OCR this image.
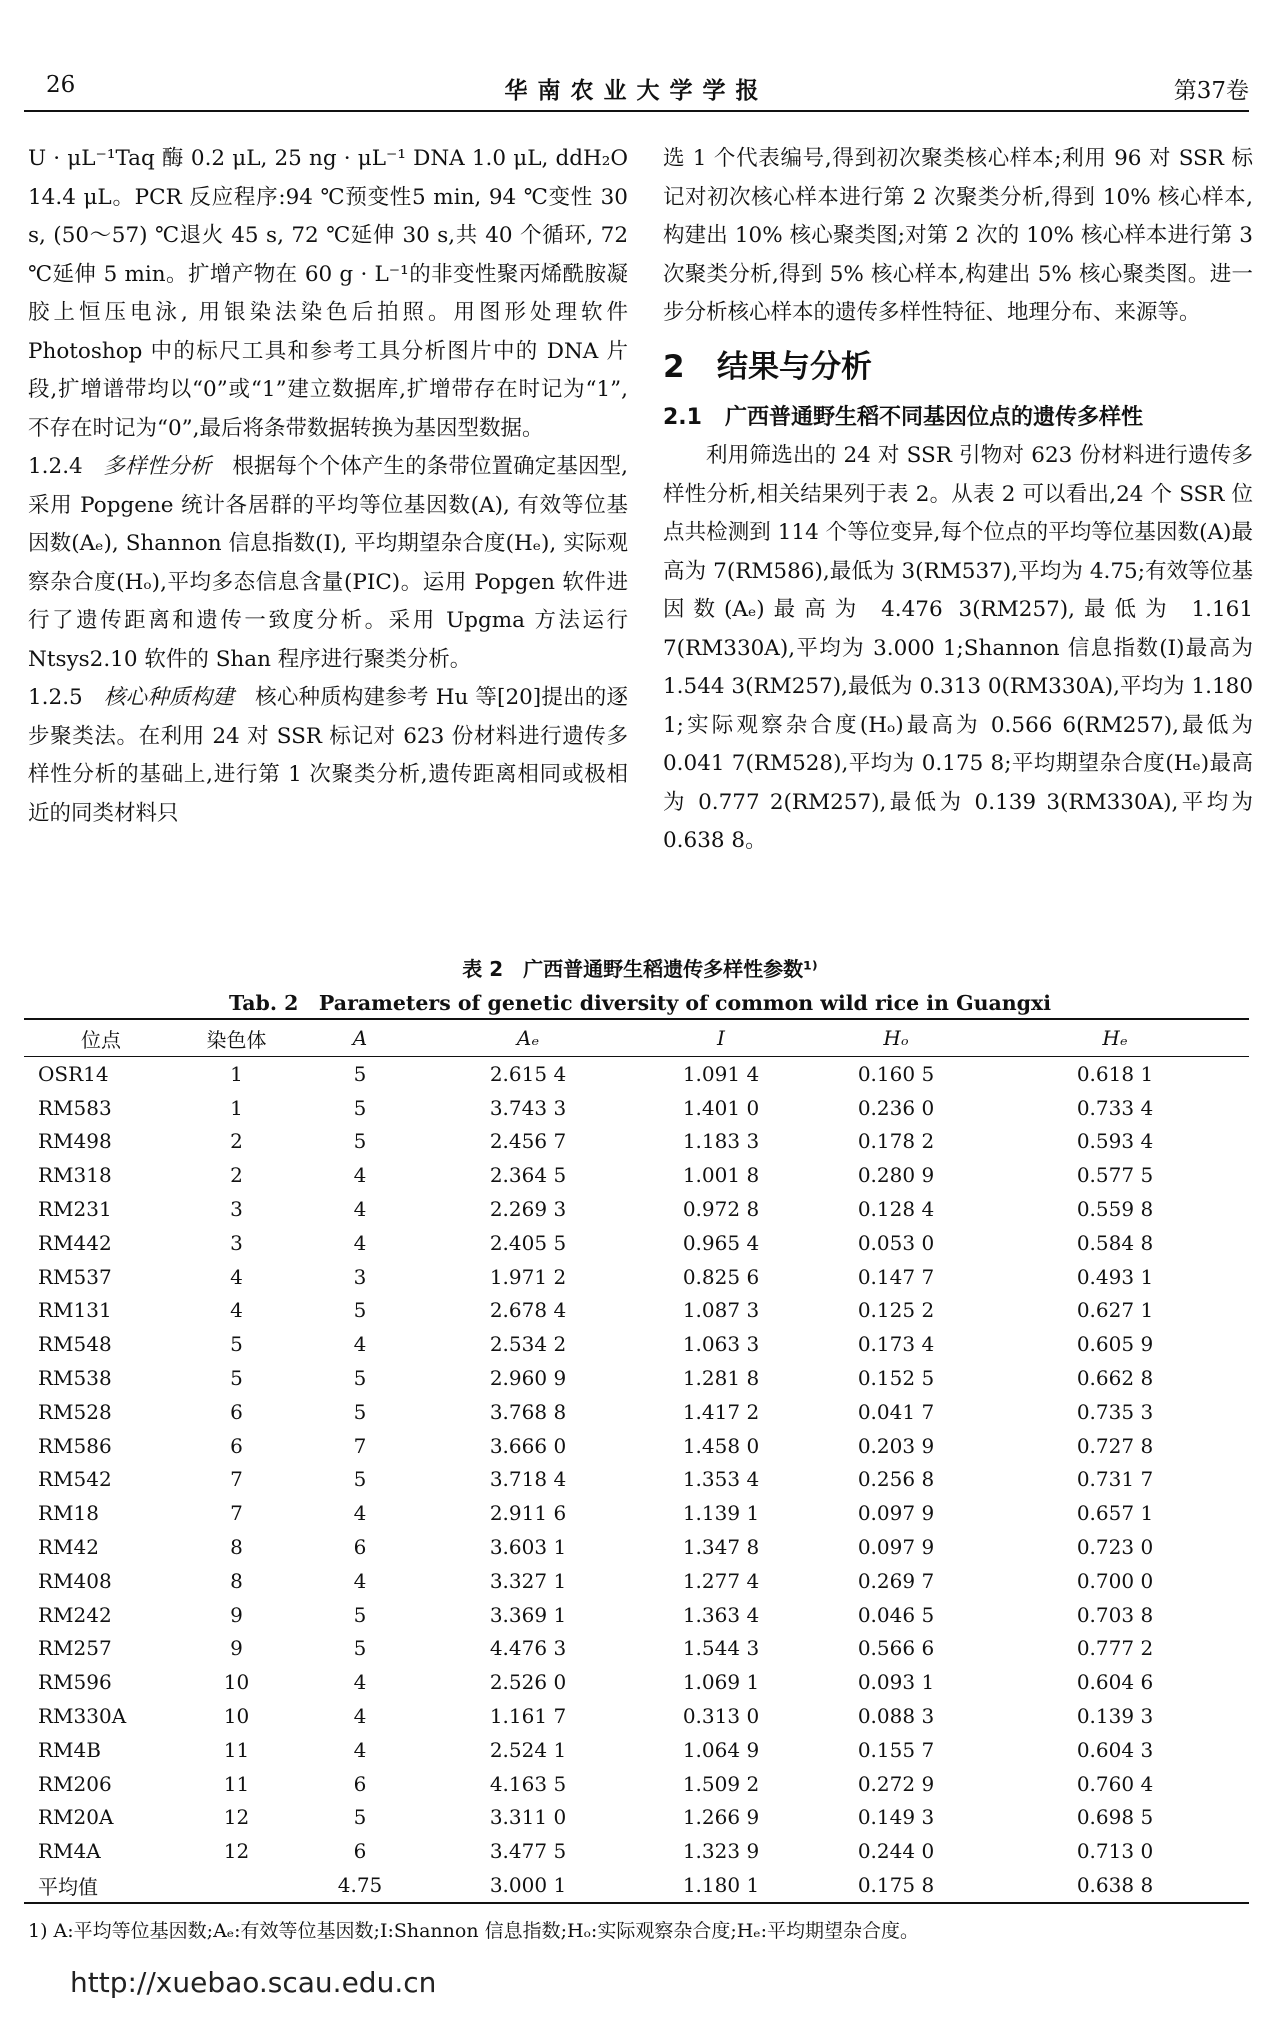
26	华南农业大学学报	第37卷

U · μL⁻¹Taq 酶 0.2 μL, 25 ng · μL⁻¹ DNA 1.0 μL, ddH₂O 14.4 μL。PCR 反应程序:94 ℃预变性5 min, 94 ℃变性 30 s, (50～57) ℃退火 45 s, 72 ℃延伸 30 s,共 40 个循环, 72 ℃延伸 5 min。扩增产物在 60 g · L⁻¹的非变性聚丙烯酰胺凝胶上恒压电泳, 用银染法染色后拍照。用图形处理软件 Photoshop 中的标尺工具和参考工具分析图片中的 DNA 片段,扩增谱带均以“0”或“1”建立数据库,扩增带存在时记为“1”,不存在时记为“0”,最后将条带数据转换为基因型数据。

1.2.4 多样性分析 根据每个个体产生的条带位置确定基因型,采用 Popgene 统计各居群的平均等位基因数(A), 有效等位基因数(Aₑ), Shannon 信息指数(I), 平均期望杂合度(Hₑ), 实际观察杂合度(Hₒ),平均多态信息含量(PIC)。运用 Popgen 软件进行了遗传距离和遗传一致度分析。采用 Upgma 方法运行 Ntsys2.10 软件的 Shan 程序进行聚类分析。

1.2.5 核心种质构建 核心种质构建参考 Hu 等[20]提出的逐步聚类法。在利用 24 对 SSR 标记对 623 份材料进行遗传多样性分析的基础上,进行第 1 次聚类分析,遗传距离相同或极相近的同类材料只

选 1 个代表编号,得到初次聚类核心样本;利用 96 对 SSR 标记对初次核心样本进行第 2 次聚类分析,得到 10% 核心样本,构建出 10% 核心聚类图;对第 2 次的 10% 核心样本进行第 3 次聚类分析,得到 5% 核心样本,构建出 5% 核心聚类图。进一步分析核心样本的遗传多样性特征、地理分布、来源等。

2 结果与分析

2.1 广西普通野生稻不同基因位点的遗传多样性

利用筛选出的 24 对 SSR 引物对 623 份材料进行遗传多样性分析,相关结果列于表 2。从表 2 可以看出,24 个 SSR 位点共检测到 114 个等位变异,每个位点的平均等位基因数(A)最高为 7(RM586),最低为 3(RM537),平均为 4.75;有效等位基因数(Aₑ)最高为 4.476 3(RM257),最低为 1.161 7(RM330A),平均为 3.000 1;Shannon 信息指数(I)最高为 1.544 3(RM257),最低为 0.313 0(RM330A),平均为 1.180 1;实际观察杂合度(Hₒ)最高为 0.566 6(RM257),最低为 0.041 7(RM528),平均为 0.175 8;平均期望杂合度(Hₑ)最高为 0.777 2(RM257),最低为 0.139 3(RM330A),平均为 0.638 8。

表 2　广西普通野生稻遗传多样性参数¹⁾
Tab. 2　Parameters of genetic diversity of common wild rice in Guangxi
位点	染色体	A	Aₑ	I	Hₒ	Hₑ
OSR14	1	5	2.615 4	1.091 4	0.160 5	0.618 1
RM583	1	5	3.743 3	1.401 0	0.236 0	0.733 4
RM498	2	5	2.456 7	1.183 3	0.178 2	0.593 4
RM318	2	4	2.364 5	1.001 8	0.280 9	0.577 5
RM231	3	4	2.269 3	0.972 8	0.128 4	0.559 8
RM442	3	4	2.405 5	0.965 4	0.053 0	0.584 8
RM537	4	3	1.971 2	0.825 6	0.147 7	0.493 1
RM131	4	5	2.678 4	1.087 3	0.125 2	0.627 1
RM548	5	4	2.534 2	1.063 3	0.173 4	0.605 9
RM538	5	5	2.960 9	1.281 8	0.152 5	0.662 8
RM528	6	5	3.768 8	1.417 2	0.041 7	0.735 3
RM586	6	7	3.666 0	1.458 0	0.203 9	0.727 8
RM542	7	5	3.718 4	1.353 4	0.256 8	0.731 7
RM18	7	4	2.911 6	1.139 1	0.097 9	0.657 1
RM42	8	6	3.603 1	1.347 8	0.097 9	0.723 0
RM408	8	4	3.327 1	1.277 4	0.269 7	0.700 0
RM242	9	5	3.369 1	1.363 4	0.046 5	0.703 8
RM257	9	5	4.476 3	1.544 3	0.566 6	0.777 2
RM596	10	4	2.526 0	1.069 1	0.093 1	0.604 6
RM330A	10	4	1.161 7	0.313 0	0.088 3	0.139 3
RM4B	11	4	2.524 1	1.064 9	0.155 7	0.604 3
RM206	11	6	4.163 5	1.509 2	0.272 9	0.760 4
RM20A	12	5	3.311 0	1.266 9	0.149 3	0.698 5
RM4A	12	6	3.477 5	1.323 9	0.244 0	0.713 0
平均值		4.75	3.000 1	1.180 1	0.175 8	0.638 8
1) A:平均等位基因数;Aₑ:有效等位基因数;I:Shannon 信息指数;Hₒ:实际观察杂合度;Hₑ:平均期望杂合度。
http://xuebao.scau.edu.cn
